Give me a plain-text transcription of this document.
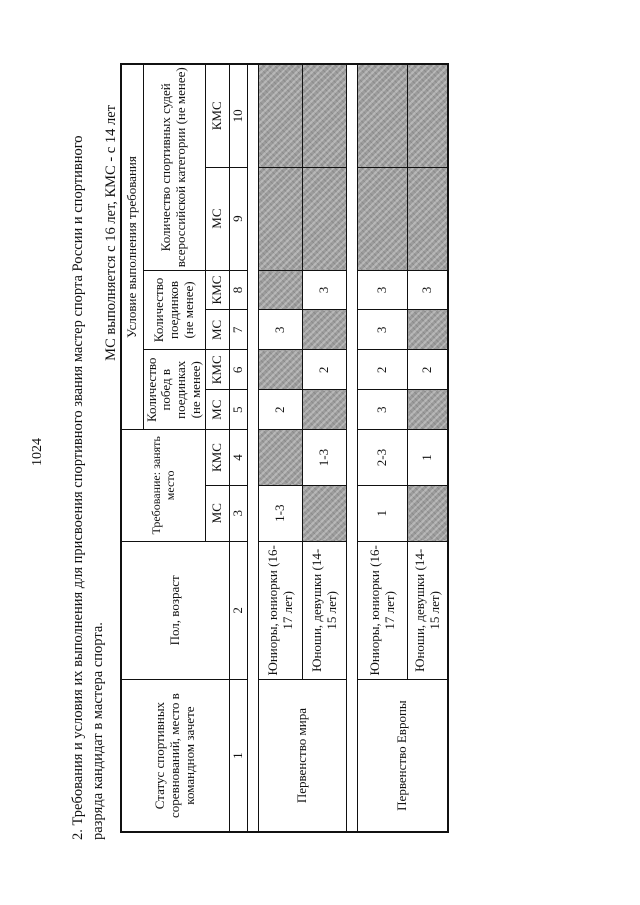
1024 2. Требования и условия их выполнения для присвоения спортивного звания мастер спорта России и спортивного разряда кандидат в мастера спорта.
МС выполняется с 16 лет, КМС - с 14 лет
Статус спортивных соревнований, место в командном зачете	Пол, возраст	Требование: занять место		Условие выполнения требования					
				Количество побед в поединках (не менее)		Количество поединков (не менее)		Количество спортивных судей всероссийской категории (не менее)	
		МС	КМС	МС	КМС	МС	КМС	МС	КМС
1	2	3	4	5	6	7	8	9	10

Первенство мира	Юниоры, юниорки (16-17 лет)	1-3		2		3			
	Юноши, девушки (14-15 лет)		1-3		2		3		

Первенство Европы	Юниоры, юниорки (16-17 лет)	1	2-3	3	2	3	3		
	Юноши, девушки (14-15 лет)		1		2		3		
